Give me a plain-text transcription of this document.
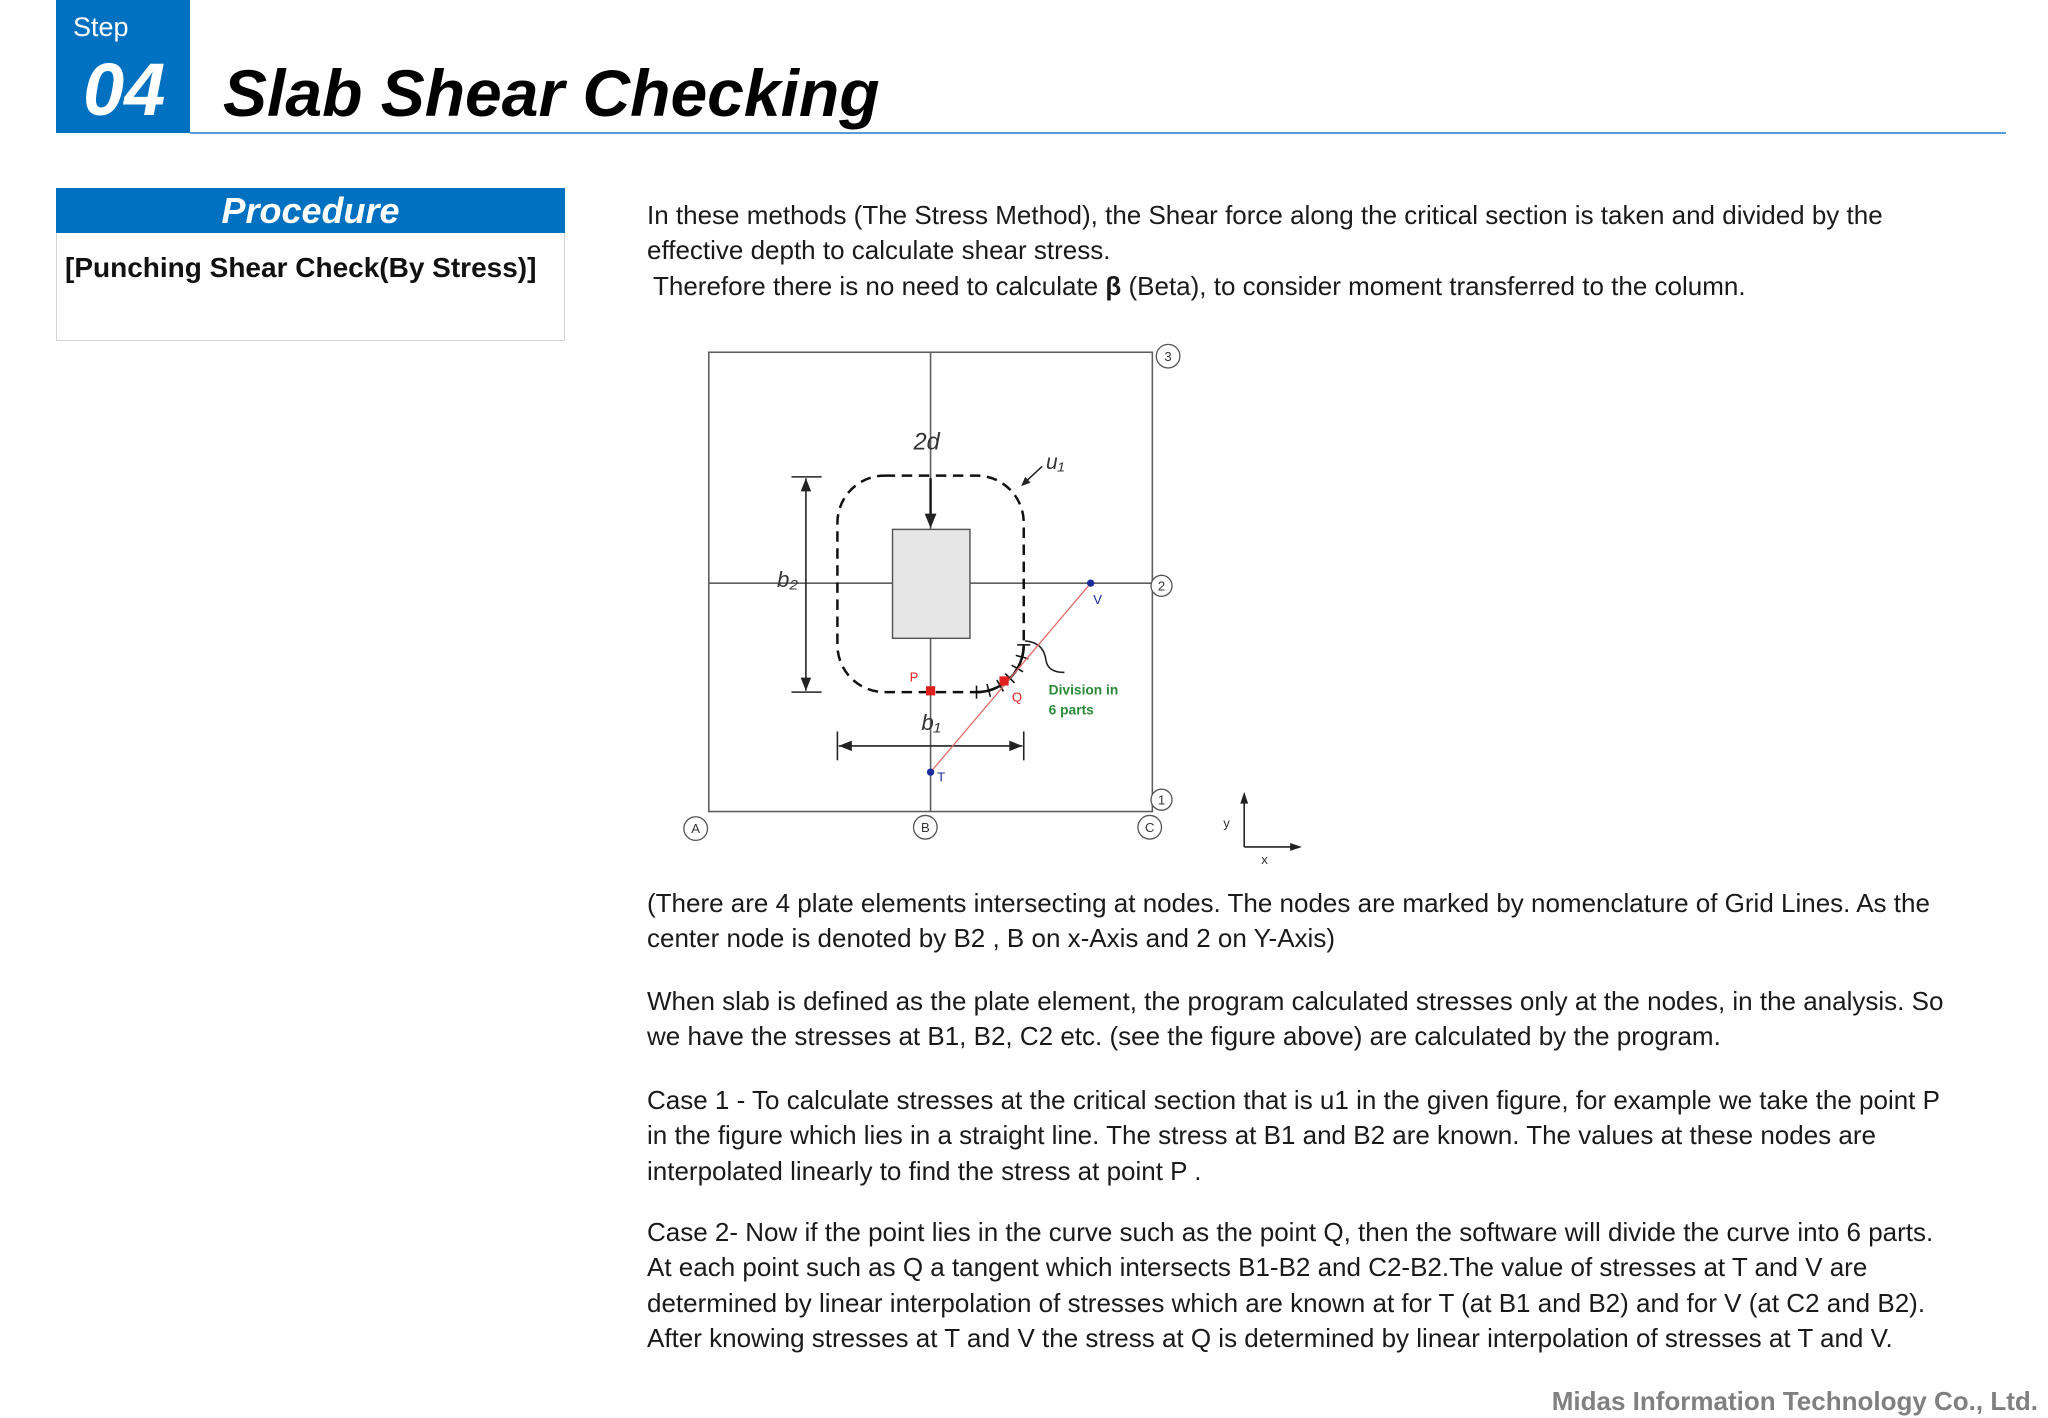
Step
04 Slab Shear Checking
Procedure
[Punching Shear Check(By Stress)]
In these methods (The Stress Method), the Shear force along the critical section is taken and divided by the
effective depth to calculate shear stress.
Therefore there is no need to calculate β (Beta), to consider moment transferred to the column.
Division in
6 parts
2d
u₁
b₂
b₁
P
Q
T
V
3
2
1
A	B	C	y
x
(There are 4 plate elements intersecting at nodes. The nodes are marked by nomenclature of Grid Lines. As the
center node is denoted by B2 , B on x-Axis and 2 on Y-Axis)
When slab is defined as the plate element, the program calculated stresses only at the nodes, in the analysis. So
we have the stresses at B1, B2, C2 etc. (see the figure above) are calculated by the program.
Case 1 - To calculate stresses at the critical section that is u1 in the given figure, for example we take the point P
in the figure which lies in a straight line. The stress at B1 and B2 are known. The values at these nodes are
interpolated linearly to find the stress at point P .
Case 2- Now if the point lies in the curve such as the point Q, then the software will divide the curve into 6 parts.
At each point such as Q a tangent which intersects B1-B2 and C2-B2.The value of stresses at T and V are
determined by linear interpolation of stresses which are known at for T (at B1 and B2) and for V (at C2 and B2).
After knowing stresses at T and V the stress at Q is determined by linear interpolation of stresses at T and V.
Midas Information Technology Co., Ltd.
